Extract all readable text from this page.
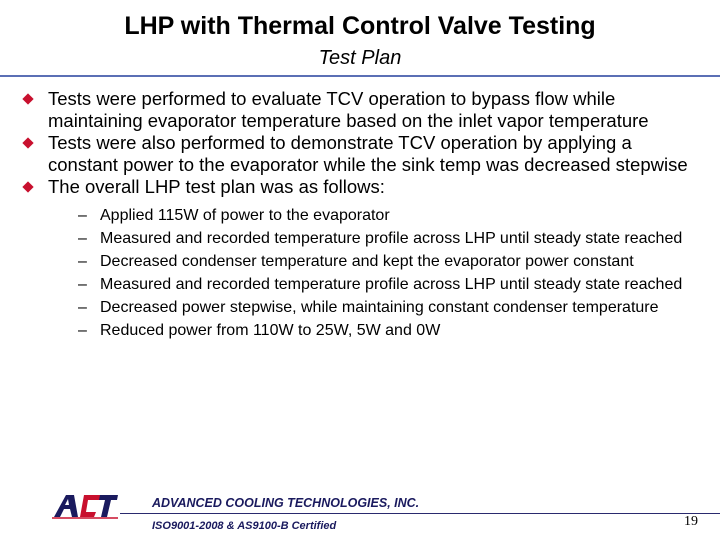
LHP with Thermal Control Valve Testing
Test Plan
Tests were performed to evaluate TCV operation to bypass flow while maintaining evaporator temperature based on the inlet vapor temperature
Tests were also performed to demonstrate TCV operation by applying a constant power to the evaporator while the sink temp was decreased stepwise
The overall LHP test plan was as follows:
– Applied 115W of power to the evaporator
– Measured and recorded temperature profile across LHP until steady state reached
– Decreased condenser temperature and kept the evaporator power constant
– Measured and recorded temperature profile across LHP until steady state reached
– Decreased power stepwise, while maintaining constant condenser temperature
– Reduced power from 110W to 25W, 5W and 0W
ADVANCED COOLING TECHNOLOGIES, INC.
ISO9001-2008 & AS9100-B Certified	19
